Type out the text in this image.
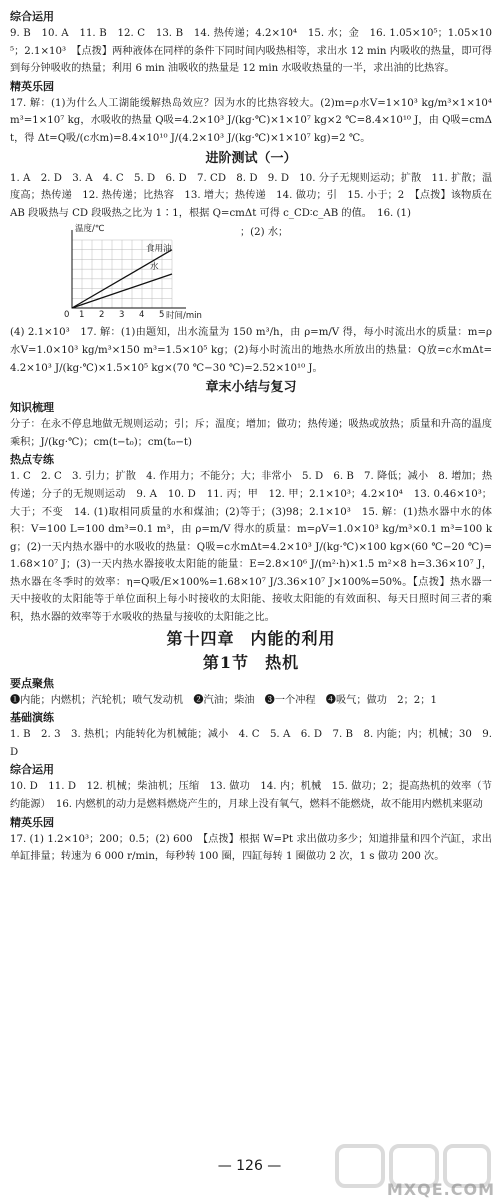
综合运用
9. B　10. A　11. B　12. C　13. B　14. 热传递；4.2×10⁴　15. 水；金　16. 1.05×10⁵；1.05×10⁵；2.1×10³　【点拨】两种液体在同样的条件下同时间内吸热相等，求出水 12 min 内吸收的热量，即可得到每分钟吸收的热量；利用 6 min 油吸收的热量是 12 min 水吸收热量的一半，求出油的比热容。
精英乐园
17. 解：(1)为什么人工湖能缓解热岛效应？因为水的比热容较大。(2)m=ρ水V=1×10³ kg/m³×1×10⁴ m³=1×10⁷ kg，水吸收的热量 Q吸=4.2×10³ J/(kg·℃)×1×10⁷ kg×2 ℃=8.4×10¹⁰ J，由 Q吸=cmΔt，得 Δt=Q吸/(c水m)=8.4×10¹⁰ J/(4.2×10³ J/(kg·℃)×1×10⁷ kg)=2 ℃。
进阶测试（一）
1. A　2. D　3. A　4. C　5. D　6. D　7. CD　8. D　9. D　10. 分子无规则运动；扩散　11. 扩散；温度高；热传递　12. 热传递；比热容　13. 增大；热传递　14. 做功；引　15. 小于；2　【点拨】该物质在 AB 段吸热与 CD 段吸热之比为 1∶1，根据 Q=cmΔt 可得 c_CD∶c_AB 的值。　16. (1)
温度/℃
时间/min
1 2 3 4 5
0
食用油
水
；(2) 水；
(4) 2.1×10³　17. 解：(1)由题知，出水流量为 150 m³/h，由 ρ=m/V 得，每小时流出水的质量：m=ρ水V=1.0×10³ kg/m³×150 m³=1.5×10⁵ kg；(2)每小时流出的地热水所放出的热量：Q放=c水mΔt=4.2×10³ J/(kg·℃)×1.5×10⁵ kg×(70 ℃−30 ℃)=2.52×10¹⁰ J。
章末小结与复习
知识梳理
分子：在永不停息地做无规则运动；引；斥；温度；增加；做功；热传递；吸热或放热；质量和升高的温度乘积；J/(kg·℃)；cm(t−t₀)；cm(t₀−t)
热点专练
1. C　2. C　3. 引力；扩散　4. 作用力；不能分；大；非常小　5. D　6. B　7. 降低；减小　8. 增加；热传递；分子的无规则运动　9. A　10. D　11. 丙；甲　12. 甲；2.1×10³；4.2×10⁴　13. 0.46×10³；大于；不变　14. (1)取相同质量的水和煤油；(2)等于；(3)98；2.1×10³　15. 解：(1)热水器中水的体积：V=100 L=100 dm³=0.1 m³，由 ρ=m/V 得水的质量：m=ρV=1.0×10³ kg/m³×0.1 m³=100 kg；(2)一天内热水器中的水吸收的热量：Q吸=c水mΔt=4.2×10³ J/(kg·℃)×100 kg×(60 ℃−20 ℃)=1.68×10⁷ J；(3)一天内热水器接收太阳能的能量：E=2.8×10⁶ J/(m²·h)×1.5 m²×8 h=3.36×10⁷ J，热水器在冬季时的效率：η=Q吸/E×100%=1.68×10⁷ J/3.36×10⁷ J×100%=50%。【点拨】热水器一天中接收的太阳能等于单位面积上每小时接收的太阳能、接收太阳能的有效面积、每天日照时间三者的乘积，热水器的效率等于水吸收的热量与接收的太阳能之比。
第十四章 内能的利用
第1节 热机
要点聚焦
❶内能；内燃机；汽轮机；喷气发动机　❷汽油；柴油　❸一个冲程　❹吸气；做功　2；2；1
基础演练
1. B　2. 3　3. 热机；内能转化为机械能；减小　4. C　5. A　6. D　7. B　8. 内能；内；机械；30　9. D
综合运用
10. D　11. D　12. 机械；柴油机；压缩　13. 做功　14. 内；机械　15. 做功；2；提高热机的效率（节约能源）　16. 内燃机的动力是燃料燃烧产生的，月球上没有氧气，燃料不能燃烧，故不能用内燃机来驱动
精英乐园
17. (1) 1.2×10³；200；0.5；(2) 600　【点拨】根据 W=Pt 求出做功多少；知道排量和四个汽缸，求出单缸排量；转速为 6 000 r/min，每秒转 100 圈，四缸每转 1 圈做功 2 次，1 s 做功 200 次。
— 126 —
MXQE.COM
